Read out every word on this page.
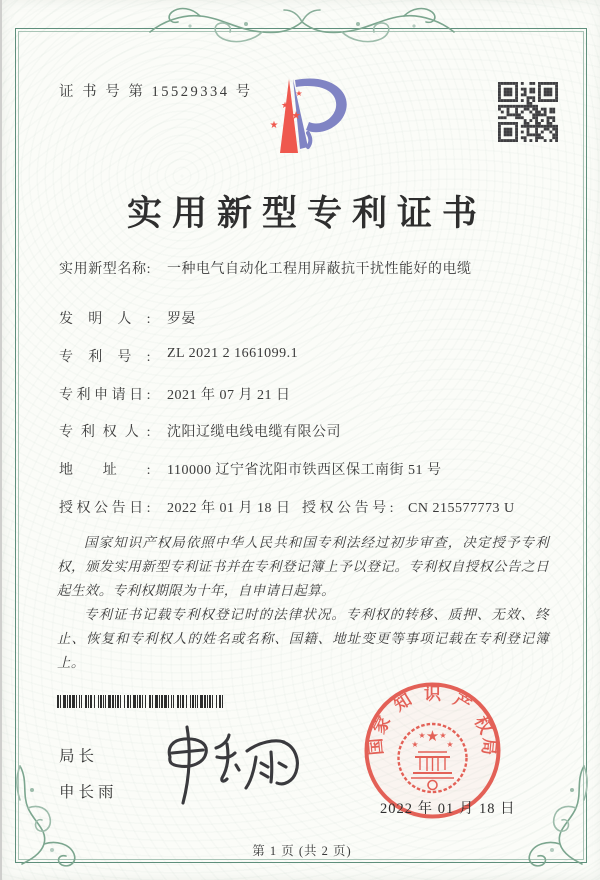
证 书 号 第 15529334 号	★
★
★
★
★
实用新型专利证书
实用新型名称: 一种电气自动化工程用屏蔽抗干扰性能好的电缆
发明人: 罗晏
专利号: ZL 2021 2 1661099.1
专利申请日: 2021 年 07 月 21 日
专利权人: 沈阳辽缆电线电缆有限公司
地址: 110000 辽宁省沈阳市铁西区保工南街 51 号
授权公告日: 2022 年 01 月 18 日 授权公告号: CN 215577773 U

国家知识产权局依照中华人民共和国专利法经过初步审查，决定授予专利权，颁发实用新型专利证书并在专利登记簿上予以登记。专利权自授权公告之日起生效。专利权期限为十年，自申请日起算。

专利证书记载专利权登记时的法律状况。专利权的转移、质押、无效、终止、恢复和专利权人的姓名或名称、国籍、地址变更等事项记载在专利登记簿上。

局长
申长雨
国
家
知 识 产
权
局
★
★
★ ★
★
2022 年 01 月 18 日
第 1 页 (共 2 页)
